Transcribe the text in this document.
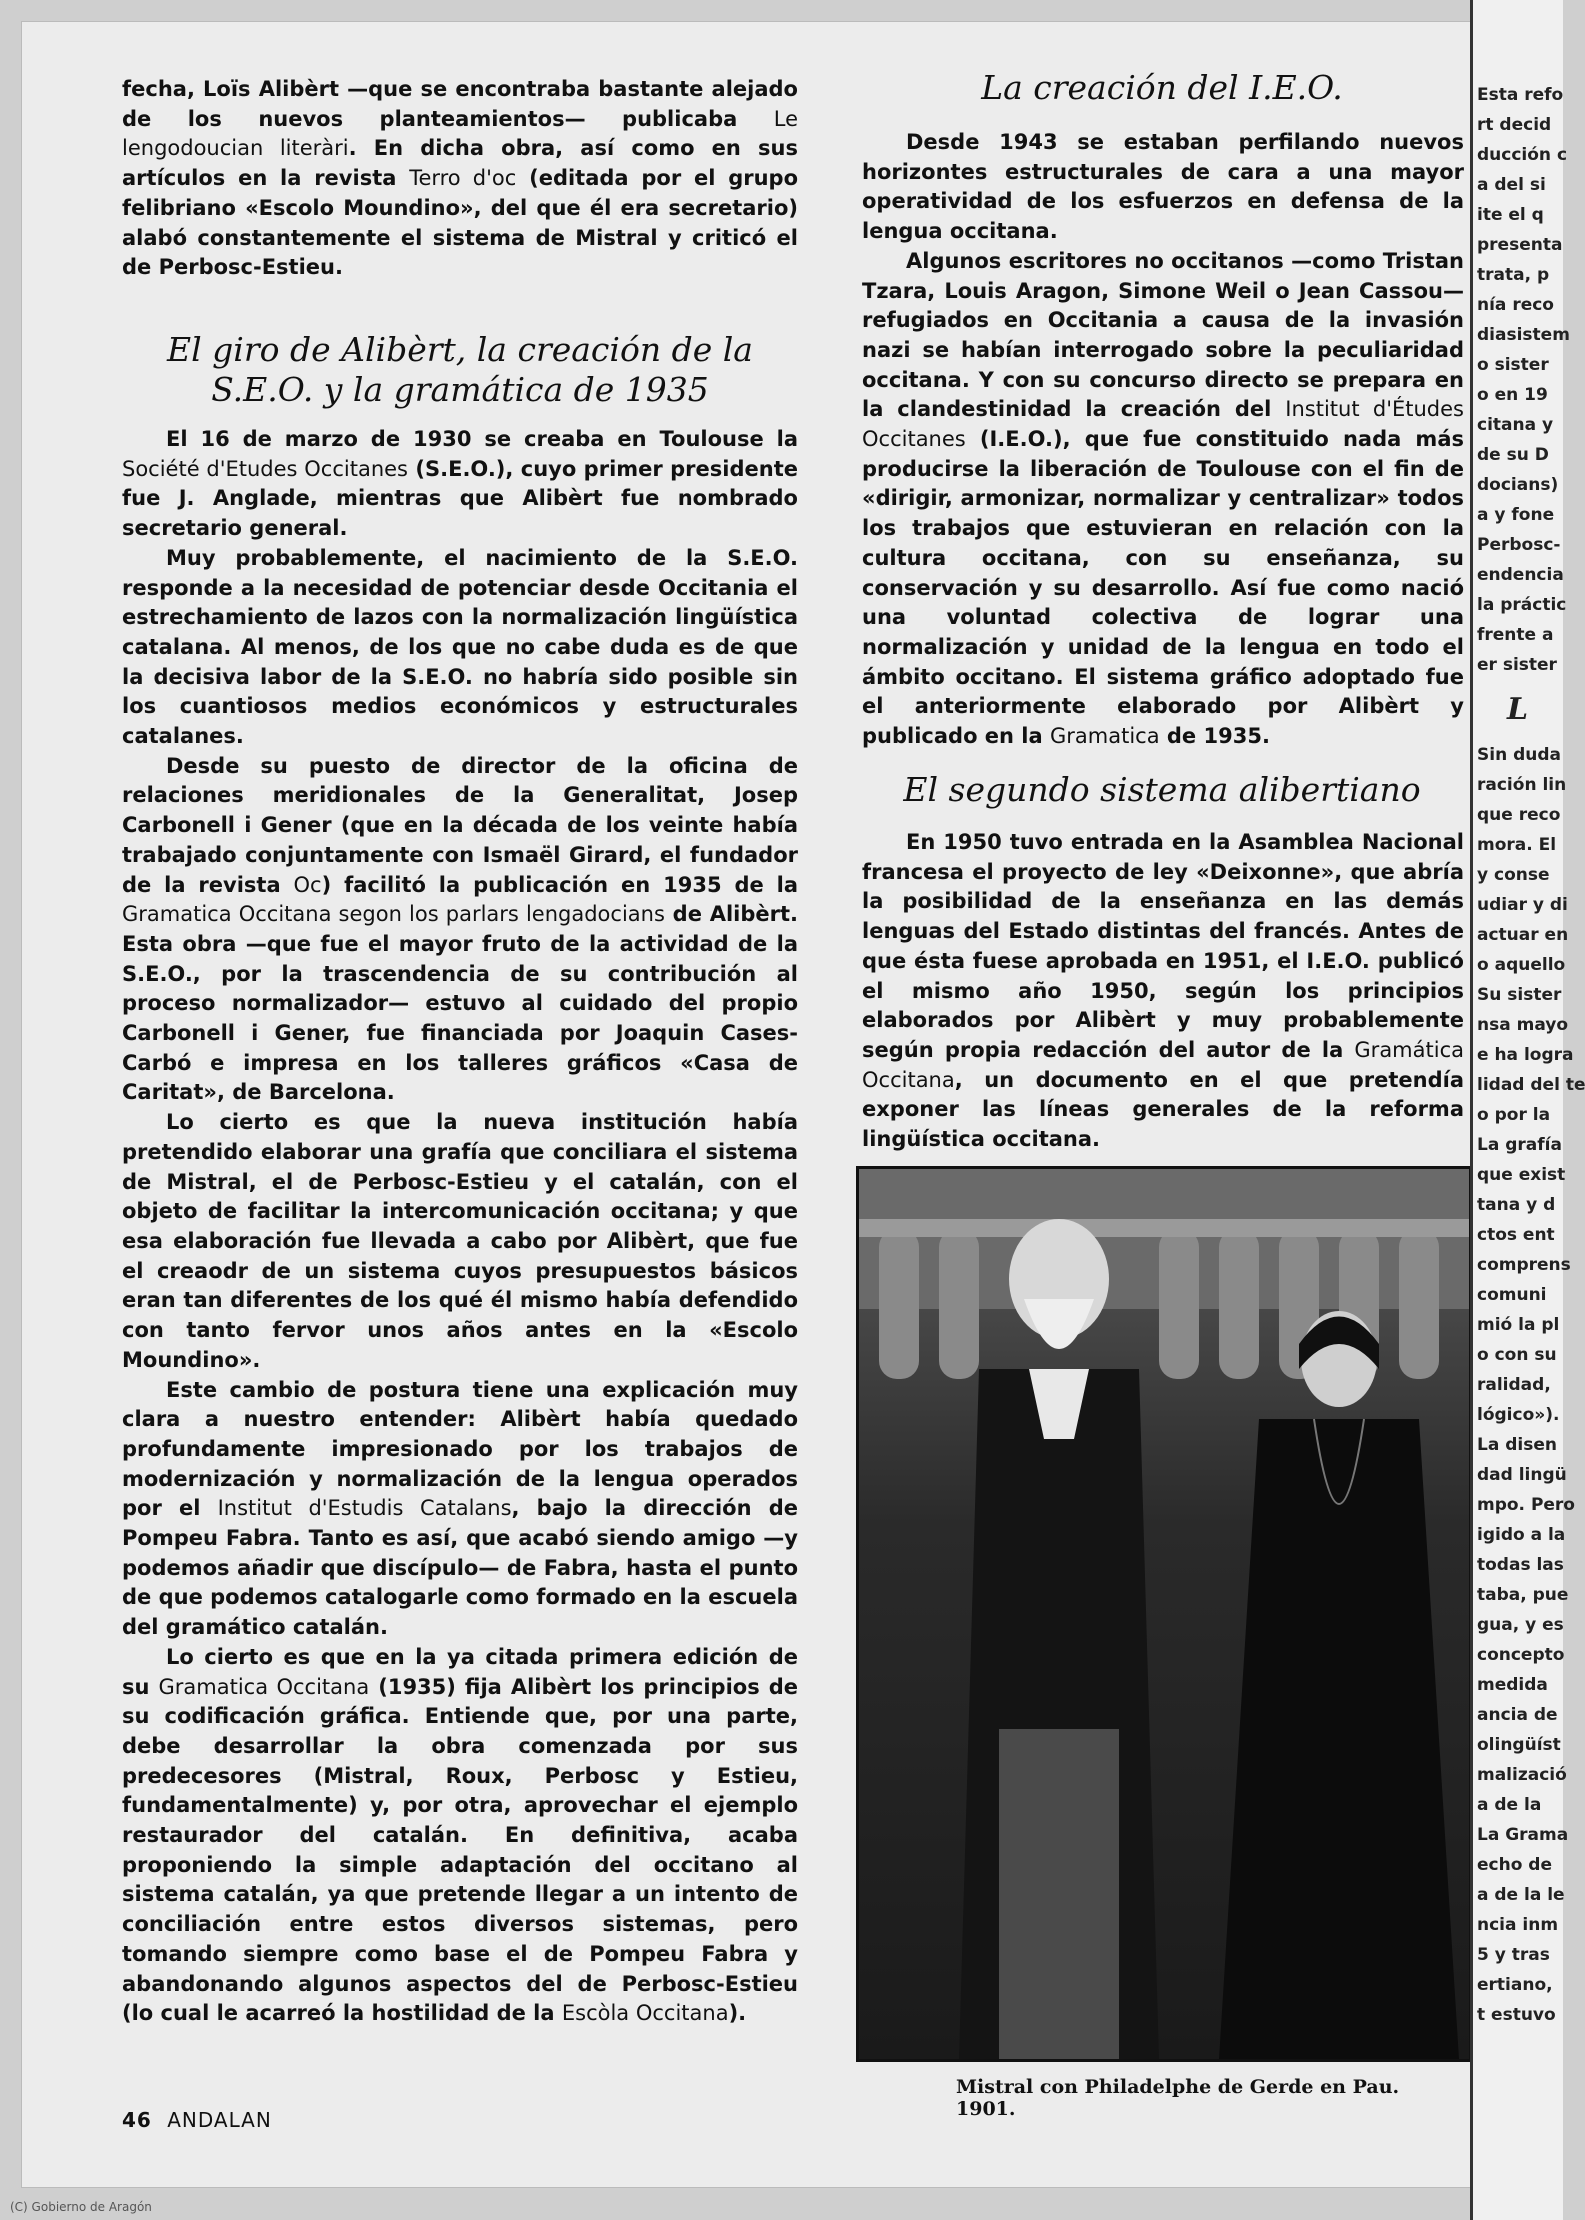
fecha, Loïs Alibèrt —que se encontraba bastante alejado de los nuevos planteamientos— publicaba Le lengodoucian literàri. En dicha obra, así como en sus artículos en la revista Terro d'oc (editada por el grupo felibriano «Escolo Moundino», del que él era secretario) alabó constantemente el sistema de Mistral y criticó el de Perbosc-Estieu.

El giro de Alibèrt, la creación de la S.E.O. y la gramática de 1935

El 16 de marzo de 1930 se creaba en Toulouse la Société d'Etudes Occitanes (S.E.O.), cuyo primer presidente fue J. Anglade, mientras que Alibèrt fue nombrado secretario general.

Muy probablemente, el nacimiento de la S.E.O. responde a la necesidad de potenciar desde Occitania el estrechamiento de lazos con la normalización lingüística catalana. Al menos, de los que no cabe duda es de que la decisiva labor de la S.E.O. no habría sido posible sin los cuantiosos medios económicos y estructurales catalanes.

Desde su puesto de director de la oficina de relaciones meridionales de la Generalitat, Josep Carbonell i Gener (que en la década de los veinte había trabajado conjuntamente con Ismaël Girard, el fundador de la revista Oc) facilitó la publicación en 1935 de la Gramatica Occitana segon los parlars lengadocians de Alibèrt. Esta obra —que fue el mayor fruto de la actividad de la S.E.O., por la trascendencia de su contribución al proceso normalizador— estuvo al cuidado del propio Carbonell i Gener, fue financiada por Joaquin Cases-Carbó e impresa en los talleres gráficos «Casa de Caritat», de Barcelona.

Lo cierto es que la nueva institución había pretendido elaborar una grafía que conciliara el sistema de Mistral, el de Perbosc-Estieu y el catalán, con el objeto de facilitar la intercomunicación occitana; y que esa elaboración fue llevada a cabo por Alibèrt, que fue el creaodr de un sistema cuyos presupuestos básicos eran tan diferentes de los qué él mismo había defendido con tanto fervor unos años antes en la «Escolo Moundino».

Este cambio de postura tiene una explicación muy clara a nuestro entender: Alibèrt había quedado profundamente impresionado por los trabajos de modernización y normalización de la lengua operados por el Institut d'Estudis Catalans, bajo la dirección de Pompeu Fabra. Tanto es así, que acabó siendo amigo —y podemos añadir que discípulo— de Fabra, hasta el punto de que podemos catalogarle como formado en la escuela del gramático catalán.

Lo cierto es que en la ya citada primera edición de su Gramatica Occitana (1935) fija Alibèrt los principios de su codificación gráfica. Entiende que, por una parte, debe desarrollar la obra comenzada por sus predecesores (Mistral, Roux, Perbosc y Estieu, fundamentalmente) y, por otra, aprovechar el ejemplo restaurador del catalán. En definitiva, acaba proponiendo la simple adaptación del occitano al sistema catalán, ya que pretende llegar a un intento de conciliación entre estos diversos sistemas, pero tomando siempre como base el de Pompeu Fabra y abandonando algunos aspectos del de Perbosc-Estieu (lo cual le acarreó la hostilidad de la Escòla Occitana).

La creación del I.E.O.

Desde 1943 se estaban perfilando nuevos horizontes estructurales de cara a una mayor operatividad de los esfuerzos en defensa de la lengua occitana.

Algunos escritores no occitanos —como Tristan Tzara, Louis Aragon, Simone Weil o Jean Cassou— refugiados en Occitania a causa de la invasión nazi se habían interrogado sobre la peculiaridad occitana. Y con su concurso directo se prepara en la clandestinidad la creación del Institut d'Études Occitanes (I.E.O.), que fue constituido nada más producirse la liberación de Toulouse con el fin de «dirigir, armonizar, normalizar y centralizar» todos los trabajos que estuvieran en relación con la cultura occitana, con su enseñanza, su conservación y su desarrollo. Así fue como nació una voluntad colectiva de lograr una normalización y unidad de la lengua en todo el ámbito occitano. El sistema gráfico adoptado fue el anteriormente elaborado por Alibèrt y publicado en la Gramatica de 1935.

El segundo sistema alibertiano

En 1950 tuvo entrada en la Asamblea Nacional francesa el proyecto de ley «Deixonne», que abría la posibilidad de la enseñanza en las demás lenguas del Estado distintas del francés. Antes de que ésta fuese aprobada en 1951, el I.E.O. publicó el mismo año 1950, según los principios elaborados por Alibèrt y muy probablemente según propia redacción del autor de la Gramática Occitana, un documento en el que pretendía exponer las líneas generales de la reforma lingüística occitana.

Mistral con Philadelphe de Gerde en Pau. 1901.
Esta refo
rt decid
ducción c
a del si
ite el q
presenta
trata, p
nía reco
diasistem
o sister
o en 19
citana y
de su D
docians)
a y fone
Perbosc-
endencia
la práctic
frente a
er sister
L
Sin duda
ración lin
que reco
mora. El
y conse
udiar y di
actuar en
o aquello
Su sister
nsa mayo
e ha logra
lidad del te
o por la
La grafía
que exist
tana y d
ctos ent
comprens
comuni
mió la pl
o con su
ralidad,
lógico»).
La disen
dad lingü
mpo. Pero
igido a la
todas las
taba, pue
gua, y es
concepto
medida
ancia de
olingüíst
malizació
a de la
La Grama
echo de
a de la le
ncia inm
5 y tras
ertiano,
t estuvo
46 ANDALAN
(C) Gobierno de Aragón
